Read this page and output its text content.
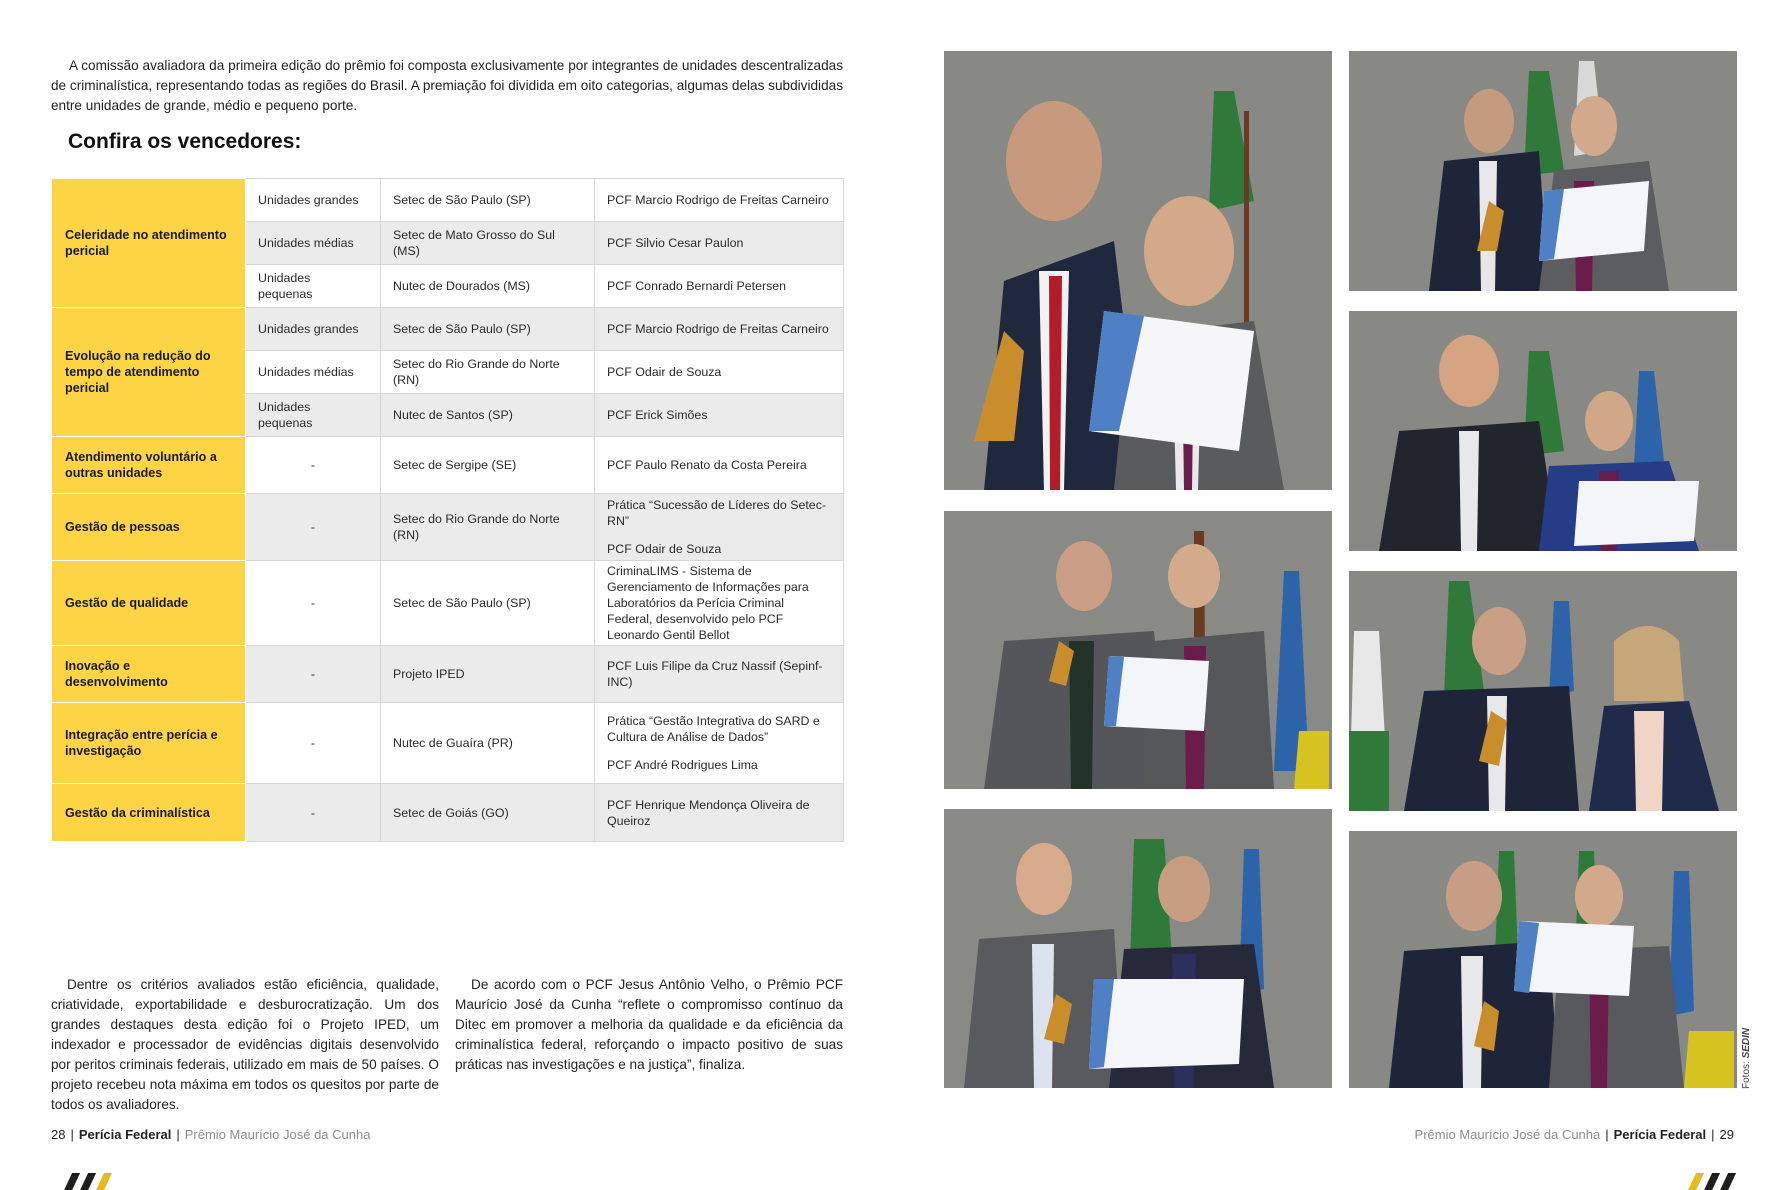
A comissão avaliadora da primeira edição do prêmio foi composta exclusivamente por integrantes de unidades descentralizadas de criminalística, representando todas as regiões do Brasil. A premiação foi dividida em oito categorias, algumas delas subdivididas entre unidades de grande, médio e pequeno porte.

Confira os vencedores:
Celeridade no atendimento pericial	Unidades grandes	Setec de São Paulo (SP)	PCF Marcio Rodrigo de Freitas Carneiro

	Unidades médias	Setec de Mato Grosso do Sul (MS)	PCF Silvio Cesar Paulon

	Unidades pequenas	Nutec de Dourados (MS)	PCF Conrado Bernardi Petersen

Evolução na redução do tempo de atendimento pericial	Unidades grandes	Setec de São Paulo (SP)	PCF Marcio Rodrigo de Freitas Carneiro

	Unidades médias	Setec do Rio Grande do Norte (RN)	PCF Odair de Souza

	Unidades pequenas	Nutec de Santos (SP)	PCF Erick Simões

Atendimento voluntário a outras unidades	-	Setec de Sergipe (SE)	PCF Paulo Renato da Costa Pereira

Gestão de pessoas	-	Setec do Rio Grande do Norte (RN)	Prática “Sucessão de Líderes do Setec-RN”

PCF Odair de Souza

Gestão de qualidade	-	Setec de São Paulo (SP)	CriminaLIMS - Sistema de Gerenciamento de Informações para Laboratórios da Perícia Criminal Federal, desenvolvido pelo PCF Leonardo Gentil Bellot

Inovação e desenvolvimento	-	Projeto IPED	PCF Luis Filipe da Cruz Nassif (Sepinf-INC)

Integração entre perícia e investigação	-	Nutec de Guaíra (PR)	Prática “Gestão Integrativa do SARD e Cultura de Análise de Dados”

PCF André Rodrigues Lima

Gestão da criminalística	-	Setec de Goiás (GO)	PCF Henrique Mendonça Oliveira de Queiroz

Dentre os critérios avaliados estão eficiência, qualidade, criatividade, exportabilidade e desburocratização. Um dos grandes destaques desta edição foi o Projeto IPED, um indexador e processador de evidências digitais desenvolvido por peritos criminais federais, utilizado em mais de 50 países. O projeto recebeu nota máxima em todos os quesitos por parte de todos os avaliadores.

De acordo com o PCF Jesus Antônio Velho, o Prêmio PCF Maurício José da Cunha “reflete o compromisso contínuo da Ditec em promover a melhoria da qualidade e da eficiência da criminalística federal, reforçando o impacto positivo de suas práticas nas investigações e na justiça”, finaliza.

28 | Perícia Federal | Prêmio Maurício José da Cunha
Fotos: SEDIN
Prêmio Maurício José da Cunha | Perícia Federal | 29
